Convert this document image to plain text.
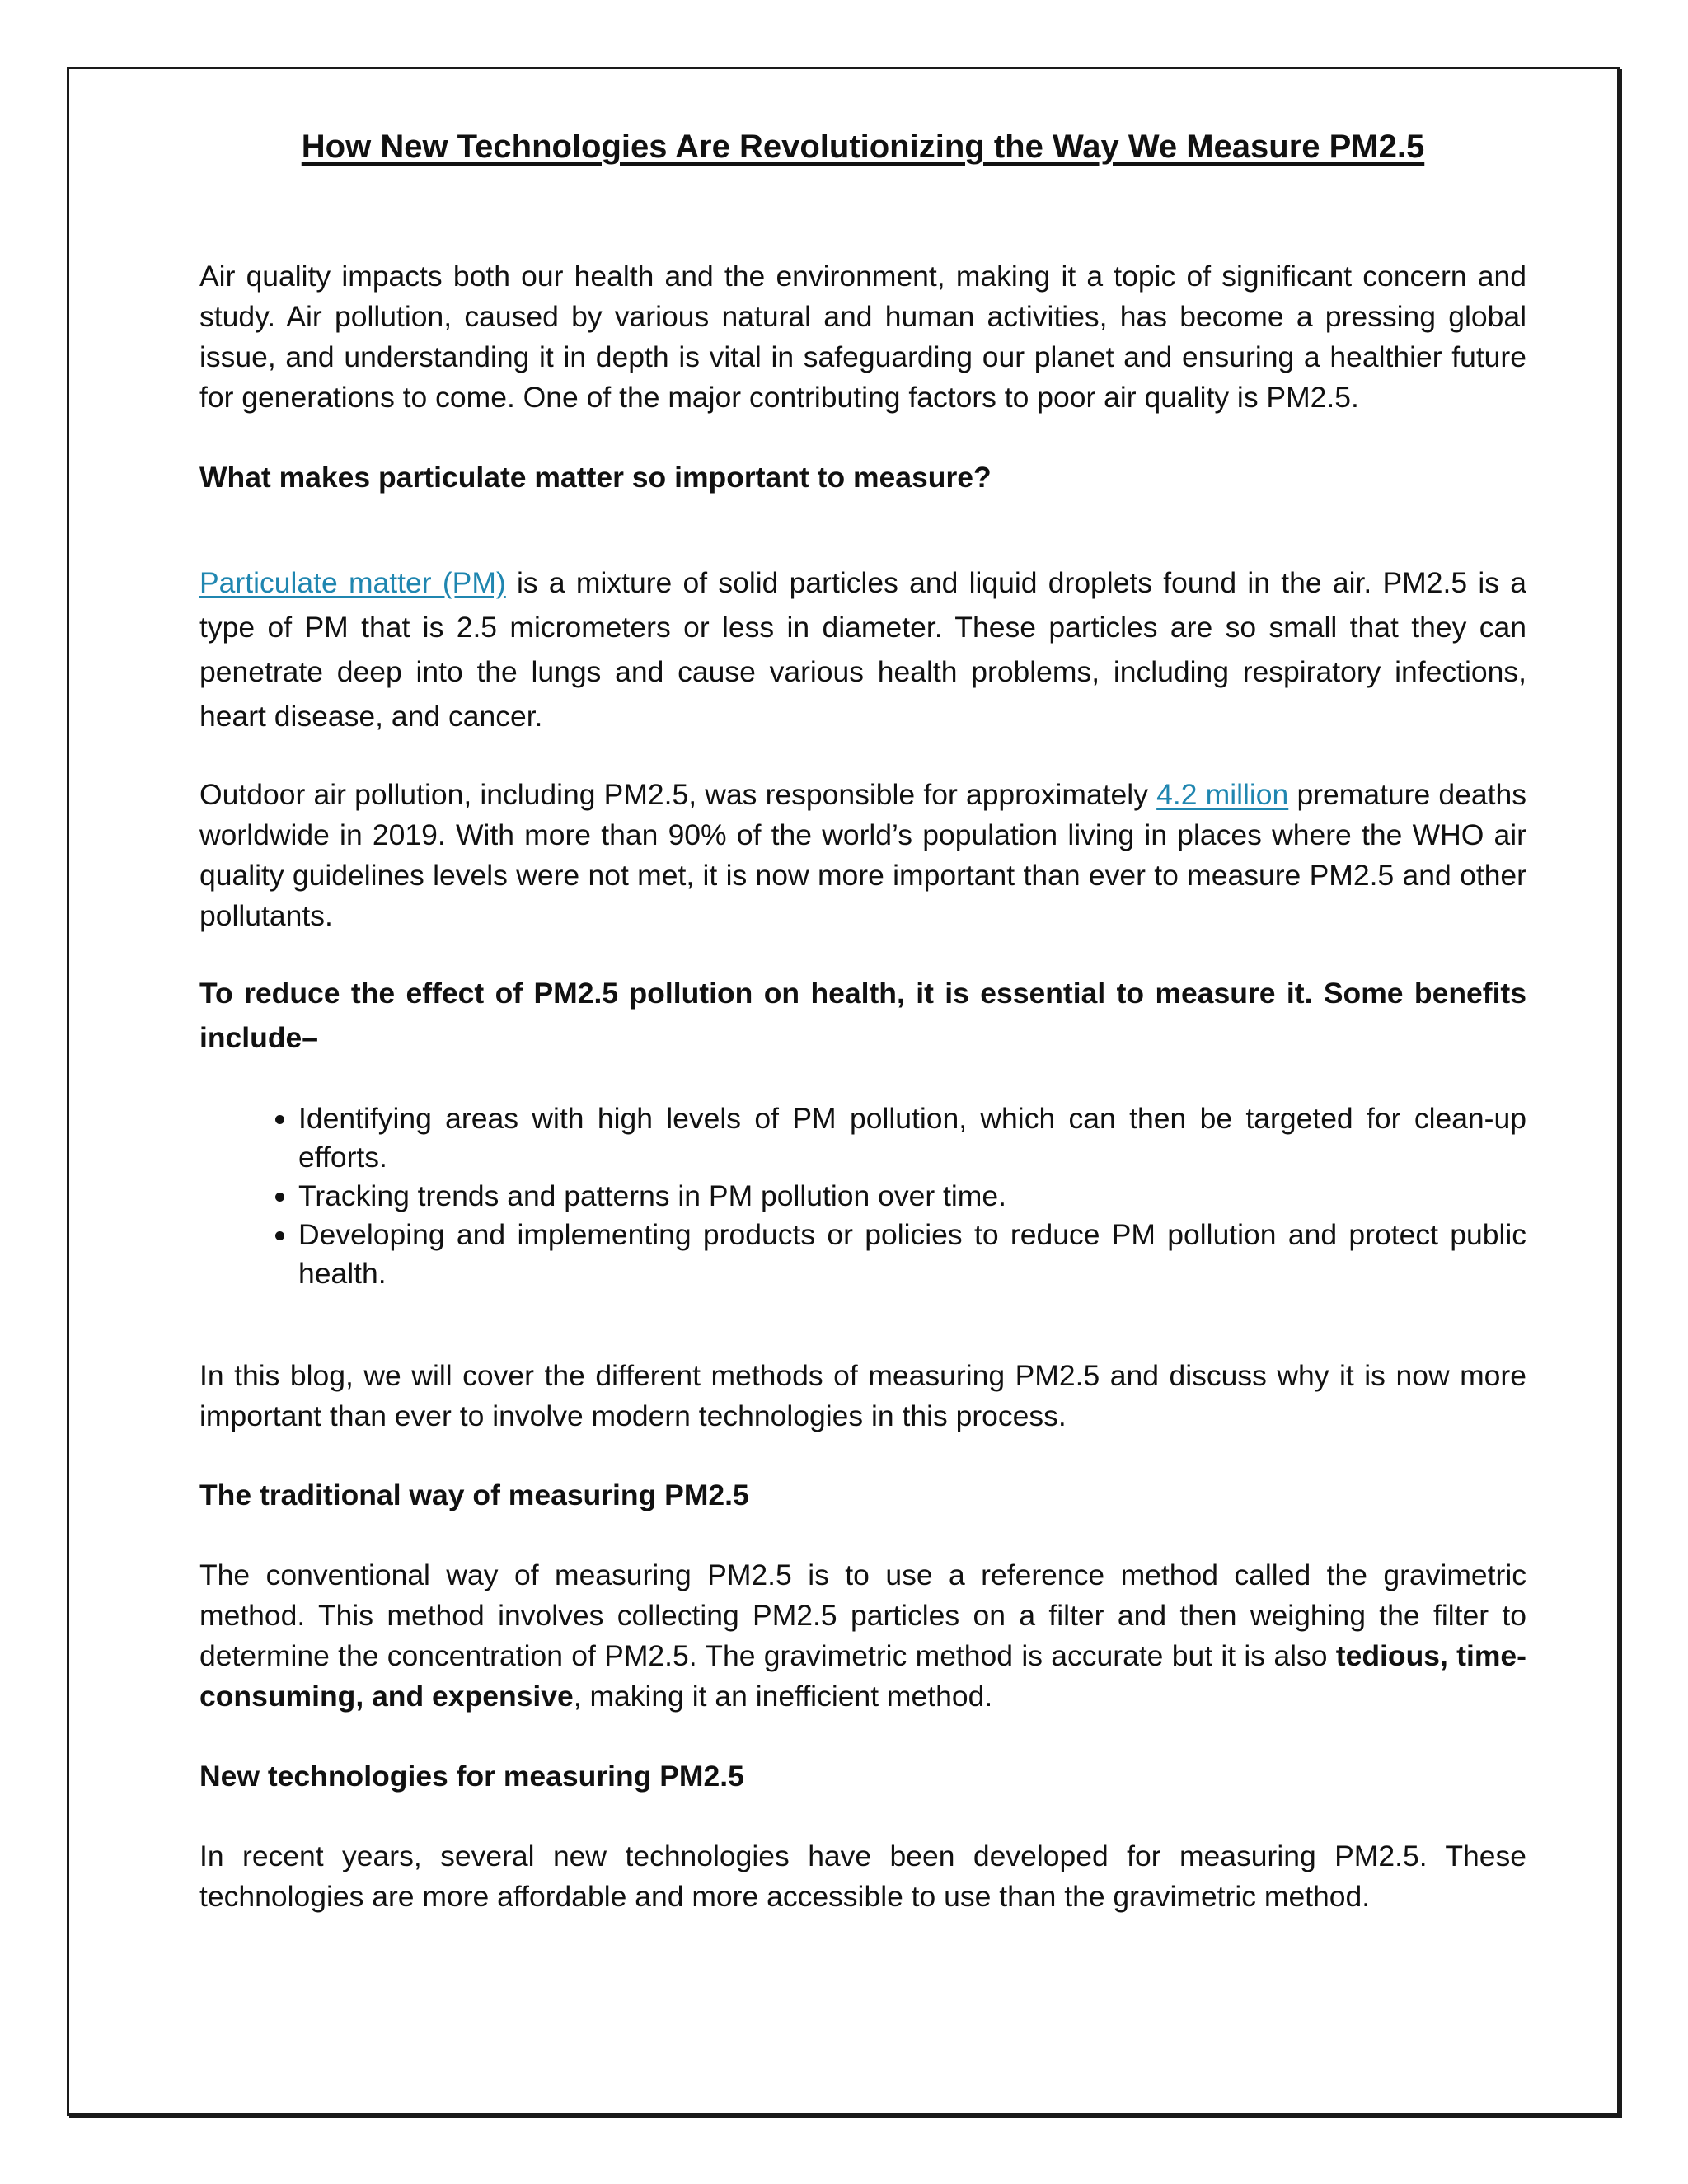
How New Technologies Are Revolutionizing the Way We Measure PM2.5

Air quality impacts both our health and the environment, making it a topic of significant concern and study. Air pollution, caused by various natural and human activities, has become a pressing global issue, and understanding it in depth is vital in safeguarding our planet and ensuring a healthier future for generations to come. One of the major contributing factors to poor air quality is PM2.5.

What makes particulate matter so important to measure?

Particulate matter (PM) is a mixture of solid particles and liquid droplets found in the air. PM2.5 is a type of PM that is 2.5 micrometers or less in diameter. These particles are so small that they can penetrate deep into the lungs and cause various health problems, including respiratory infections, heart disease, and cancer.

Outdoor air pollution, including PM2.5, was responsible for approximately 4.2 million premature deaths worldwide in 2019. With more than 90% of the world’s population living in places where the WHO air quality guidelines levels were not met, it is now more important than ever to measure PM2.5 and other pollutants.

To reduce the effect of PM2.5 pollution on health, it is essential to measure it. Some benefits include–

• Identifying areas with high levels of PM pollution, which can then be targeted for clean-up efforts.
• Tracking trends and patterns in PM pollution over time.
• Developing and implementing products or policies to reduce PM pollution and protect public health.

In this blog, we will cover the different methods of measuring PM2.5 and discuss why it is now more important than ever to involve modern technologies in this process.

The traditional way of measuring PM2.5

The conventional way of measuring PM2.5 is to use a reference method called the gravimetric method. This method involves collecting PM2.5 particles on a filter and then weighing the filter to determine the concentration of PM2.5. The gravimetric method is accurate but it is also tedious, time-consuming, and expensive, making it an inefficient method.

New technologies for measuring PM2.5

In recent years, several new technologies have been developed for measuring PM2.5. These technologies are more affordable and more accessible to use than the gravimetric method.
